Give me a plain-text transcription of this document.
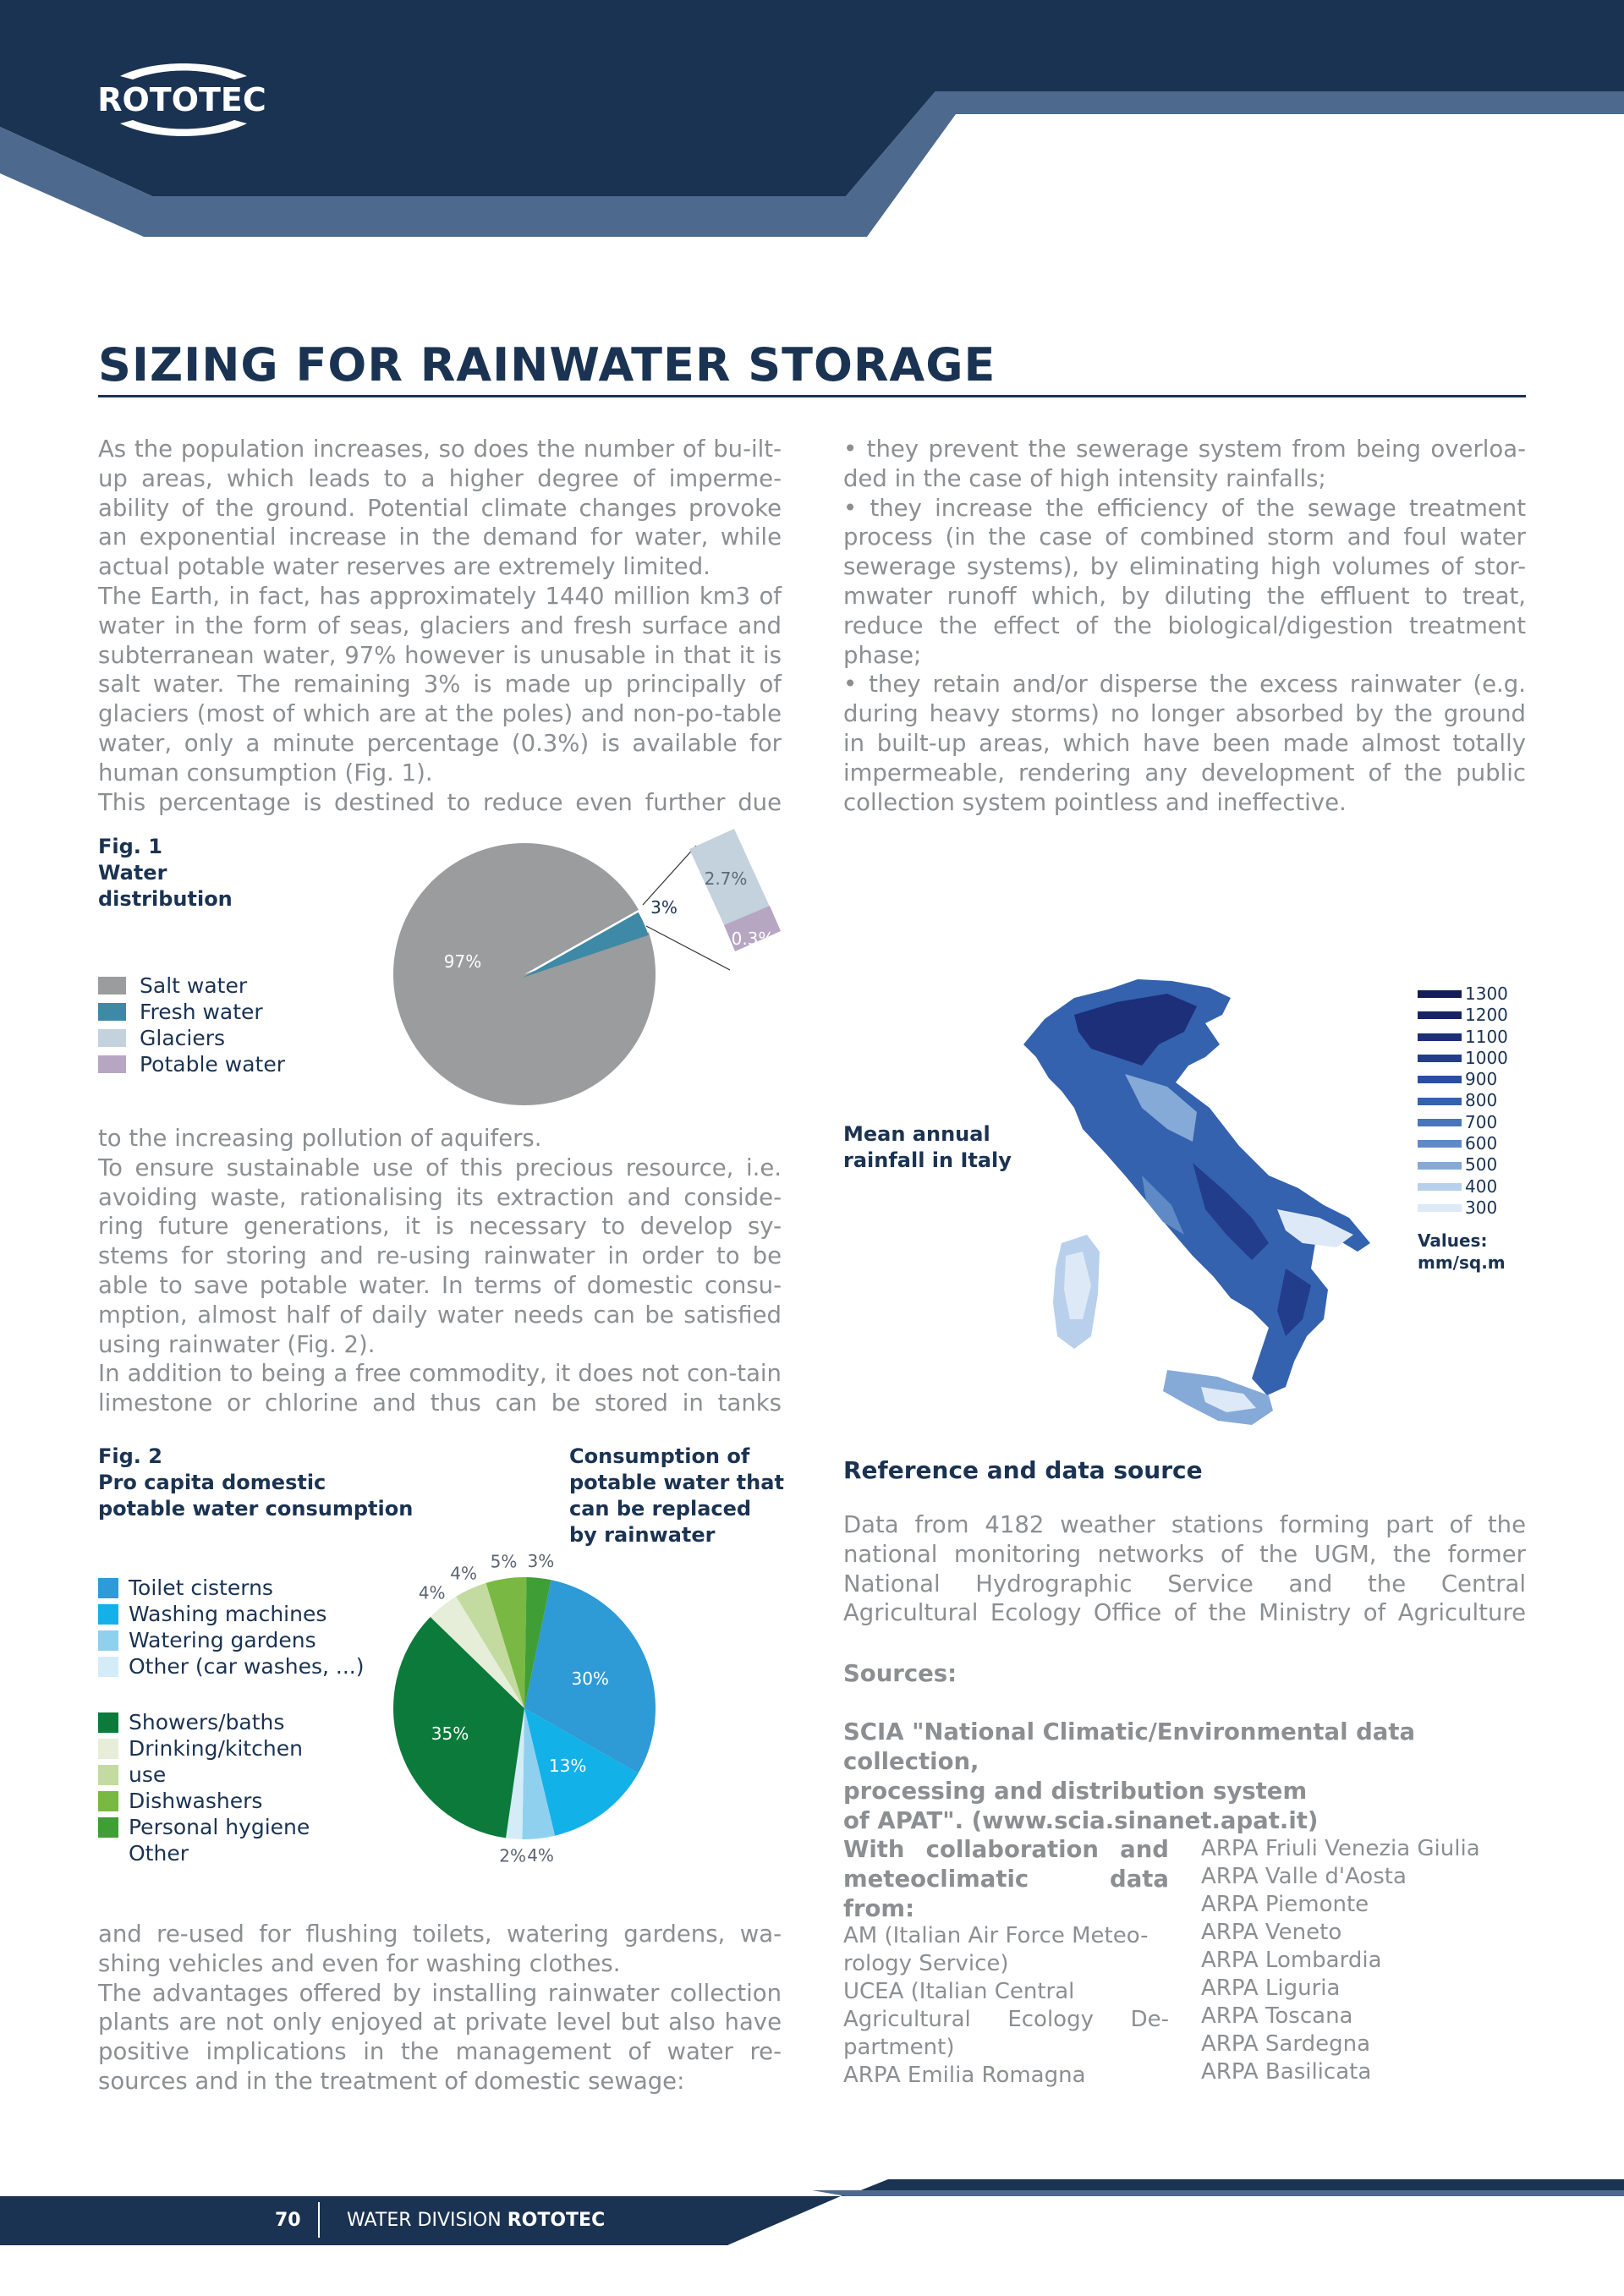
ROTOTEC
SIZING FOR RAINWATER STORAGE

As the population increases, so does the number of bu-ilt-up areas, which leads to a higher degree of imperme-ability of the ground. Potential climate changes provoke an exponential increase in the demand for water, while actual potable water reserves are extremely limited.

The Earth, in fact, has approximately 1440 million km3 of water in the form of seas, glaciers and fresh surface and subterranean water, 97% however is unusable in that it is salt water. The remaining 3% is made up principally of glaciers (most of which are at the poles) and non-po-table water, only a minute percentage (0.3%) is available for human consumption (Fig. 1).

This percentage is destined to reduce even further due

• they prevent the sewerage system from being overloa-ded in the case of high intensity rainfalls;

• they increase the efficiency of the sewage treatment process (in the case of combined storm and foul water sewerage systems), by eliminating high volumes of stor-mwater runoff which, by diluting the effluent to treat, reduce the effect of the biological/digestion treatment phase;

• they retain and/or disperse the excess rainwater (e.g. during heavy storms) no longer absorbed by the ground in built-up areas, which have been made almost totally impermeable, rendering any development of the public collection system pointless and ineffective.

Fig. 1
Water
distribution
Salt water
Fresh water
Glaciers
Potable water
97%
3%
2.7%
0.3%

to the increasing pollution of aquifers.

To ensure sustainable use of this precious resource, i.e. avoiding waste, rationalising its extraction and conside-ring future generations, it is necessary to develop sy-stems for storing and re-using rainwater in order to be able to save potable water. In terms of domestic consu-mption, almost half of daily water needs can be satisfied using rainwater (Fig. 2).

In addition to being a free commodity, it does not con-tain limestone or chlorine and thus can be stored in tanks

Mean annual
rainfall in Italy
1300
1200
1100
1000
900
800
700
600
500
400
300
Values:
mm/sq.m
Fig. 2
Pro capita domestic
potable water consumption
Consumption of
potable water that
can be replaced
by rainwater
Toilet cisterns
Washing machines
Watering gardens
Other (car washes, ...)
Showers/baths
Drinking/kitchen
use
Dishwashers
Personal hygiene
Other
30%
13%
4%
2%
35%
4%
4%
5% 3%
Reference and data source

Data from 4182 weather stations forming part of the national monitoring networks of the UGM, the former National Hydrographic Service and the Central Agricultural Ecology Office of the Ministry of Agriculture

Sources:
SCIA "National Climatic/Environmental data collection,
processing and distribution system
of APAT". (www.scia.sinanet.apat.it)
With collaboration and
meteoclimatic data from:
AM (Italian Air Force Meteo-
rology Service)
UCEA (Italian Central
Agricultural Ecology De-
partment)
ARPA Emilia Romagna
ARPA Friuli Venezia Giulia
ARPA Valle d'Aosta
ARPA Piemonte
ARPA Veneto
ARPA Lombardia
ARPA Liguria
ARPA Toscana
ARPA Sardegna
ARPA Basilicata

and re-used for flushing toilets, watering gardens, wa-shing vehicles and even for washing clothes.

The advantages offered by installing rainwater collection plants are not only enjoyed at private level but also have positive implications in the management of water re-sources and in the treatment of domestic sewage:

70 WATER DIVISION ROTOTEC
